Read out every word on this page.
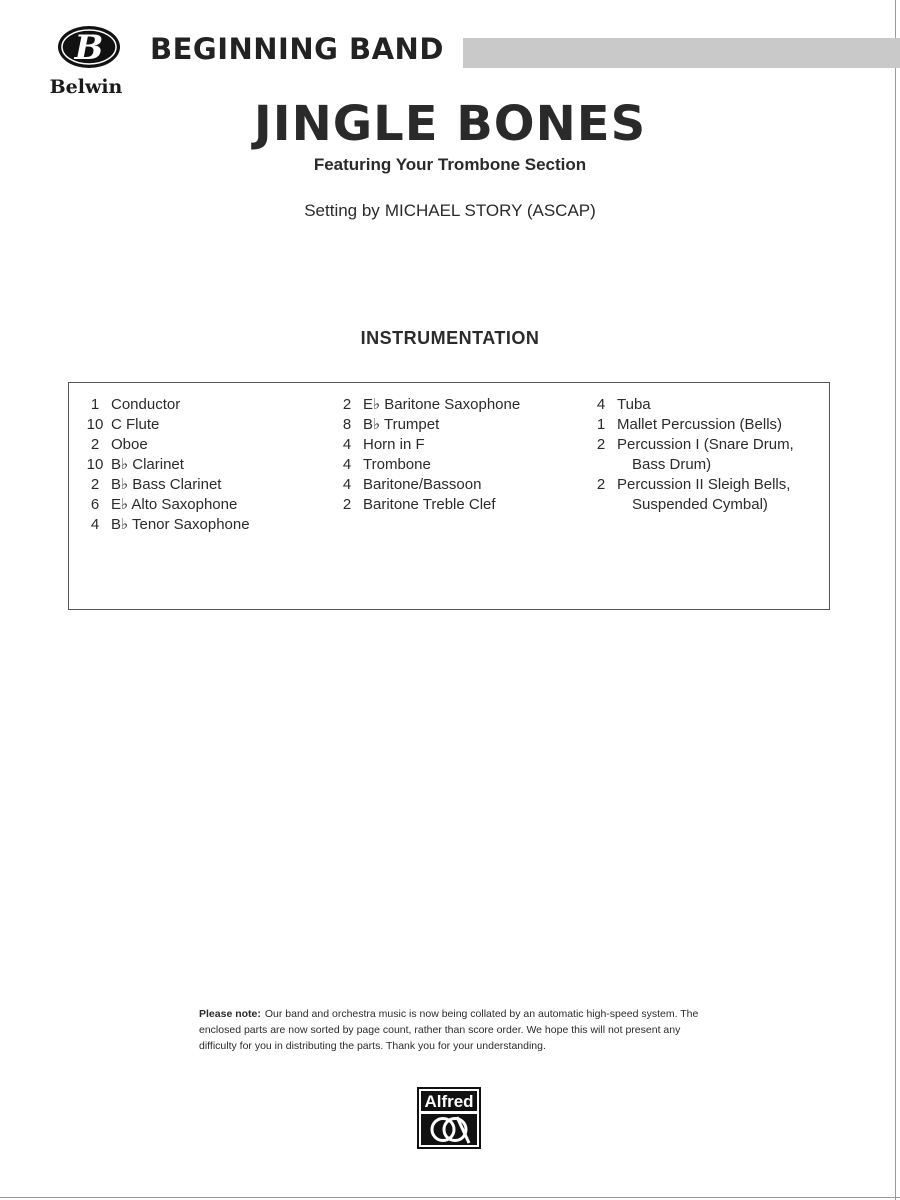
B
Belwin
BEGINNING BAND
JINGLE BONES
Featuring Your Trombone Section
Setting by MICHAEL STORY (ASCAP)
INSTRUMENTATION
1 Conductor
10 C Flute
2 Oboe
10 B♭ Clarinet
2 B♭ Bass Clarinet
6 E♭ Alto Saxophone
4 B♭ Tenor Saxophone
2 E♭ Baritone Saxophone
8 B♭ Trumpet
4 Horn in F
4 Trombone
4 Baritone/Bassoon
2 Baritone Treble Clef
4 Tuba
1 Mallet Percussion (Bells)
2 Percussion I (Snare Drum,
Bass Drum)
2 Percussion II Sleigh Bells,
Suspended Cymbal)
Please note: Our band and orchestra music is now being collated by an automatic high-speed system. The enclosed parts are now sorted by page count, rather than score order. We hope this will not present any difficulty for you in distributing the parts. Thank you for your understanding.
Alfred
